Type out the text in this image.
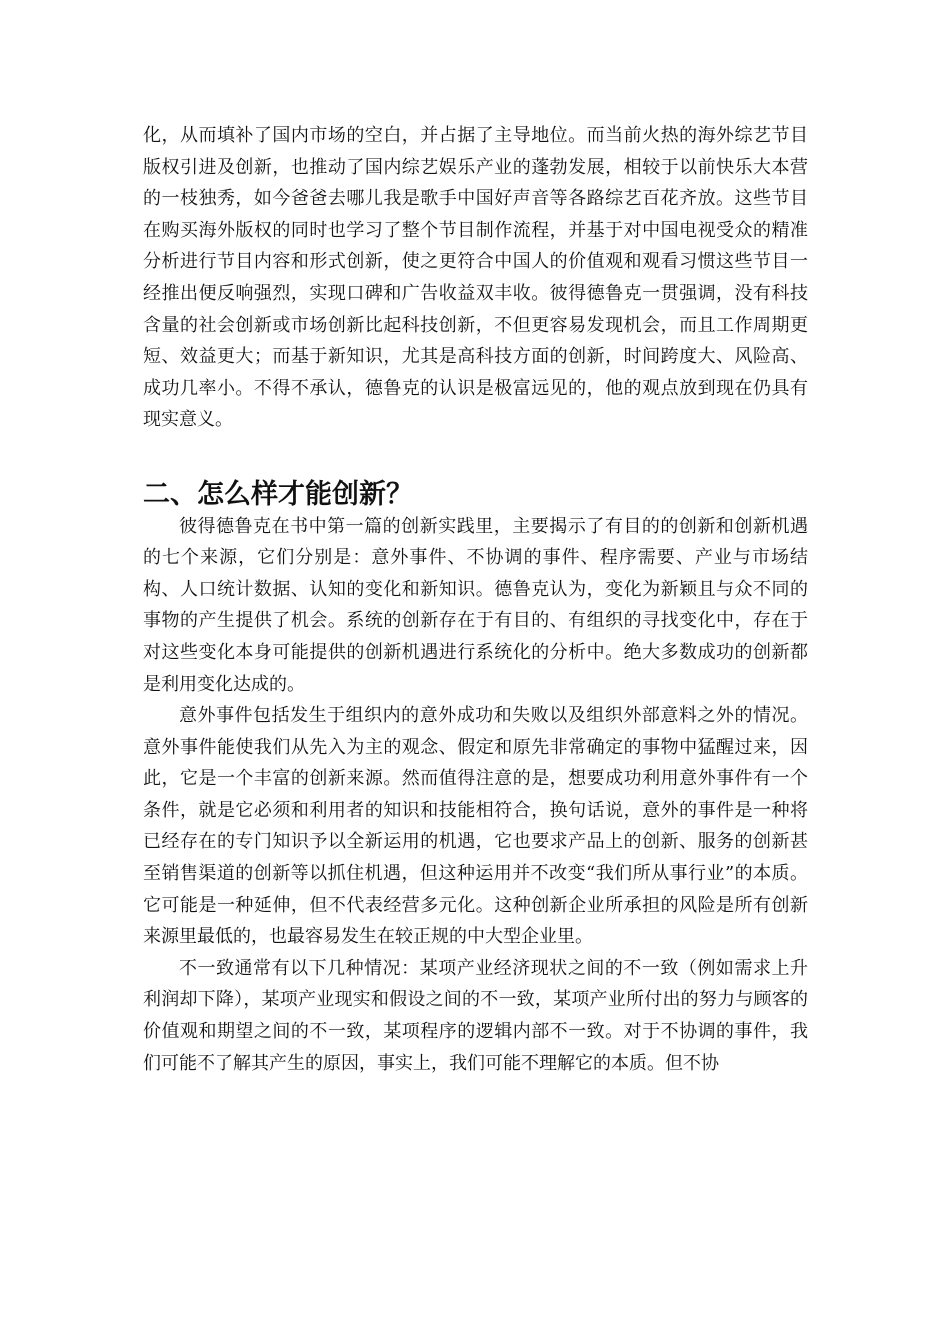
化，从而填补了国内市场的空白，并占据了主导地位。而当前火热的海外综艺节目版权引进及创新，也推动了国内综艺娱乐产业的蓬勃发展，相较于以前快乐大本营的一枝独秀，如今爸爸去哪儿我是歌手中国好声音等各路综艺百花齐放。这些节目在购买海外版权的同时也学习了整个节目制作流程，并基于对中国电视受众的精准分析进行节目内容和形式创新，使之更符合中国人的价值观和观看习惯这些节目一经推出便反响强烈，实现口碑和广告收益双丰收。彼得德鲁克一贯强调，没有科技含量的社会创新或市场创新比起科技创新，不但更容易发现机会，而且工作周期更短、效益更大；而基于新知识，尤其是高科技方面的创新，时间跨度大、风险高、成功几率小。不得不承认，德鲁克的认识是极富远见的，他的观点放到现在仍具有现实意义。

二、怎么样才能创新？

彼得德鲁克在书中第一篇的创新实践里，主要揭示了有目的的创新和创新机遇的七个来源，它们分别是：意外事件、不协调的事件、程序需要、产业与市场结构、人口统计数据、认知的变化和新知识。德鲁克认为，变化为新颖且与众不同的事物的产生提供了机会。系统的创新存在于有目的、有组织的寻找变化中，存在于对这些变化本身可能提供的创新机遇进行系统化的分析中。绝大多数成功的创新都是利用变化达成的。

意外事件包括发生于组织内的意外成功和失败以及组织外部意料之外的情况。意外事件能使我们从先入为主的观念、假定和原先非常确定的事物中猛醒过来，因此，它是一个丰富的创新来源。然而值得注意的是，想要成功利用意外事件有一个条件，就是它必须和利用者的知识和技能相符合，换句话说，意外的事件是一种将已经存在的专门知识予以全新运用的机遇，它也要求产品上的创新、服务的创新甚至销售渠道的创新等以抓住机遇，但这种运用并不改变“我们所从事行业”的本质。它可能是一种延伸，但不代表经营多元化。这种创新企业所承担的风险是所有创新来源里最低的，也最容易发生在较正规的中大型企业里。

不一致通常有以下几种情况：某项产业经济现状之间的不一致（例如需求上升利润却下降），某项产业现实和假设之间的不一致，某项产业所付出的努力与顾客的价值观和期望之间的不一致，某项程序的逻辑内部不一致。对于不协调的事件，我们可能不了解其产生的原因，事实上，我们可能不理解它的本质。但不协
